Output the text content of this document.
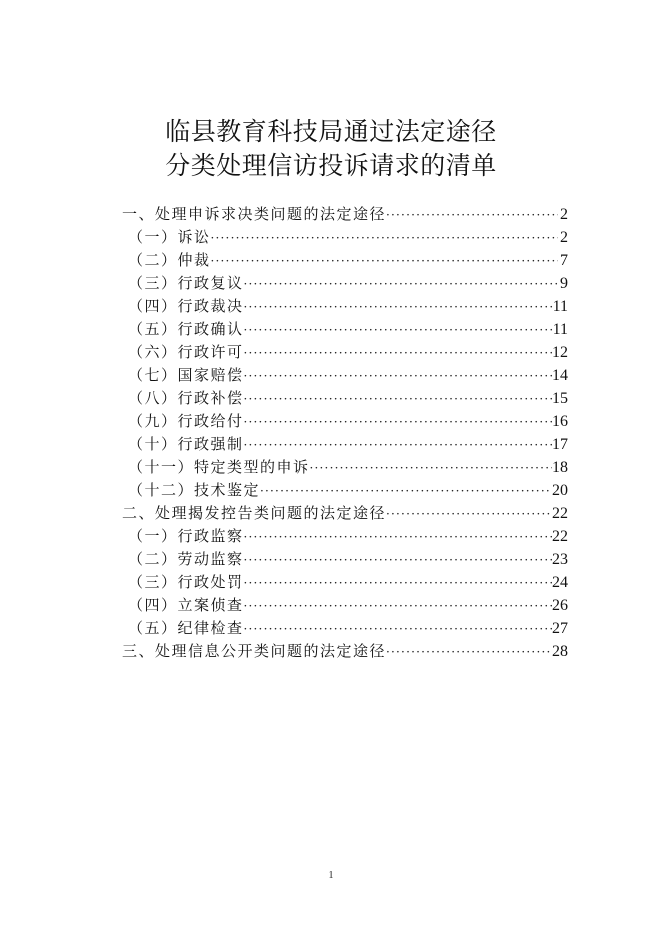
临县教育科技局通过法定途径
分类处理信访投诉请求的清单
一、处理申诉求决类问题的法定途径 ·····	2
（一）诉讼 ·····	2
（二）仲裁 ·····	7
（三）行政复议 ·····	9
（四）行政裁决 ·····	11
（五）行政确认 ·····	11
（六）行政许可 ·····	12
（七）国家赔偿 ·····	14
（八）行政补偿 ·····	15
（九）行政给付 ·····	16
（十）行政强制 ·····	17
（十一）特定类型的申诉 ·····	18
（十二）技术鉴定 ·····	20
二、处理揭发控告类问题的法定途径 ·····	22
（一）行政监察 ·····	22
（二）劳动监察 ·····	23
（三）行政处罚 ·····	24
（四）立案侦查 ·····	26
（五）纪律检查 ·····	27
三、处理信息公开类问题的法定途径 ·····	28
1
